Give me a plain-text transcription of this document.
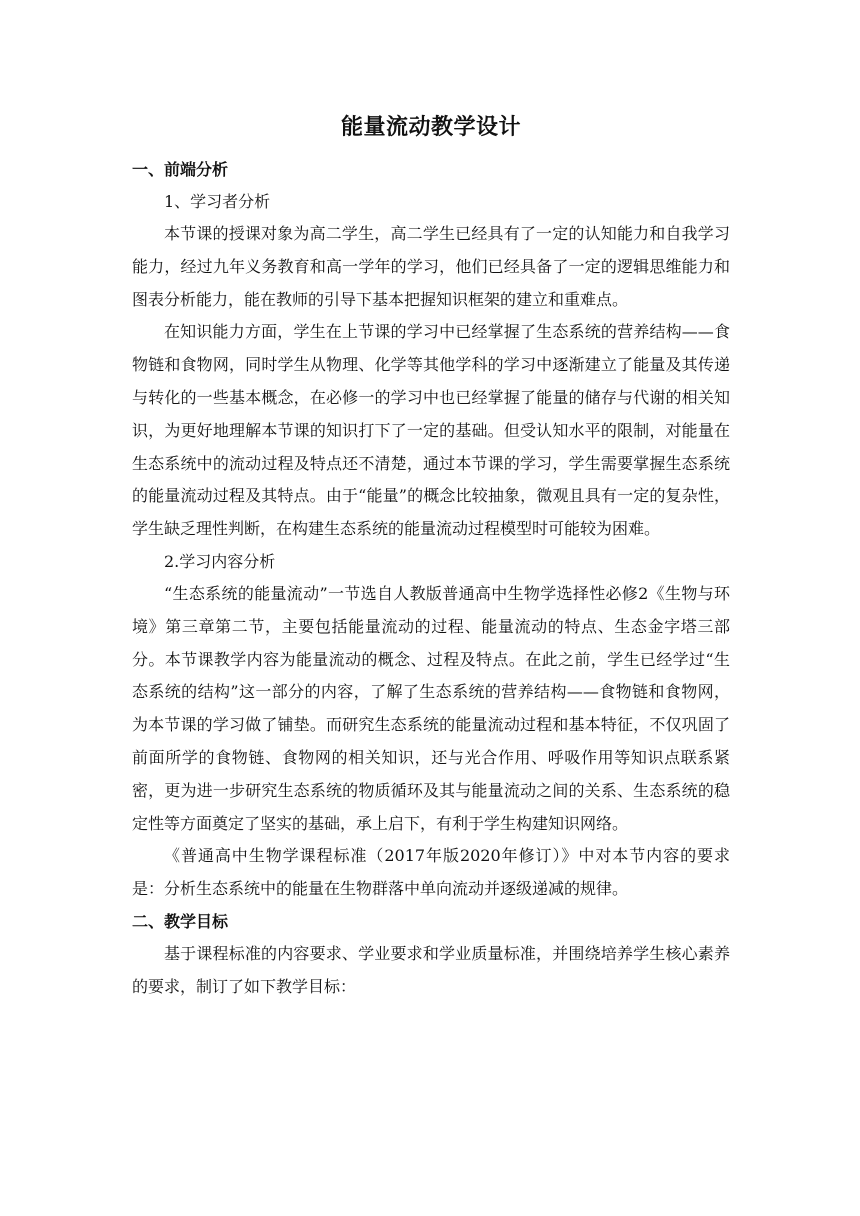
能量流动教学设计
一、前端分析
1、学习者分析

本节课的授课对象为高二学生，高二学生已经具有了一定的认知能力和自我学习能力，经过九年义务教育和高一学年的学习，他们已经具备了一定的逻辑思维能力和图表分析能力，能在教师的引导下基本把握知识框架的建立和重难点。

在知识能力方面，学生在上节课的学习中已经掌握了生态系统的营养结构——食物链和食物网，同时学生从物理、化学等其他学科的学习中逐渐建立了能量及其传递与转化的一些基本概念，在必修一的学习中也已经掌握了能量的储存与代谢的相关知识，为更好地理解本节课的知识打下了一定的基础。但受认知水平的限制，对能量在生态系统中的流动过程及特点还不清楚，通过本节课的学习，学生需要掌握生态系统的能量流动过程及其特点。由于“能量”的概念比较抽象，微观且具有一定的复杂性，学生缺乏理性判断，在构建生态系统的能量流动过程模型时可能较为困难。

2.学习内容分析

“生态系统的能量流动”一节选自人教版普通高中生物学选择性必修2《生物与环境》第三章第二节，主要包括能量流动的过程、能量流动的特点、生态金字塔三部分。本节课教学内容为能量流动的概念、过程及特点。在此之前，学生已经学过“生态系统的结构”这一部分的内容，了解了生态系统的营养结构——食物链和食物网，为本节课的学习做了铺垫。而研究生态系统的能量流动过程和基本特征，不仅巩固了前面所学的食物链、食物网的相关知识，还与光合作用、呼吸作用等知识点联系紧密，更为进一步研究生态系统的物质循环及其与能量流动之间的关系、生态系统的稳定性等方面奠定了坚实的基础，承上启下，有利于学生构建知识网络。

《普通高中生物学课程标准（2017年版2020年修订）》中对本节内容的要求是：分析生态系统中的能量在生物群落中单向流动并逐级递减的规律。

二、教学目标

基于课程标准的内容要求、学业要求和学业质量标准，并围绕培养学生核心素养的要求，制订了如下教学目标：
